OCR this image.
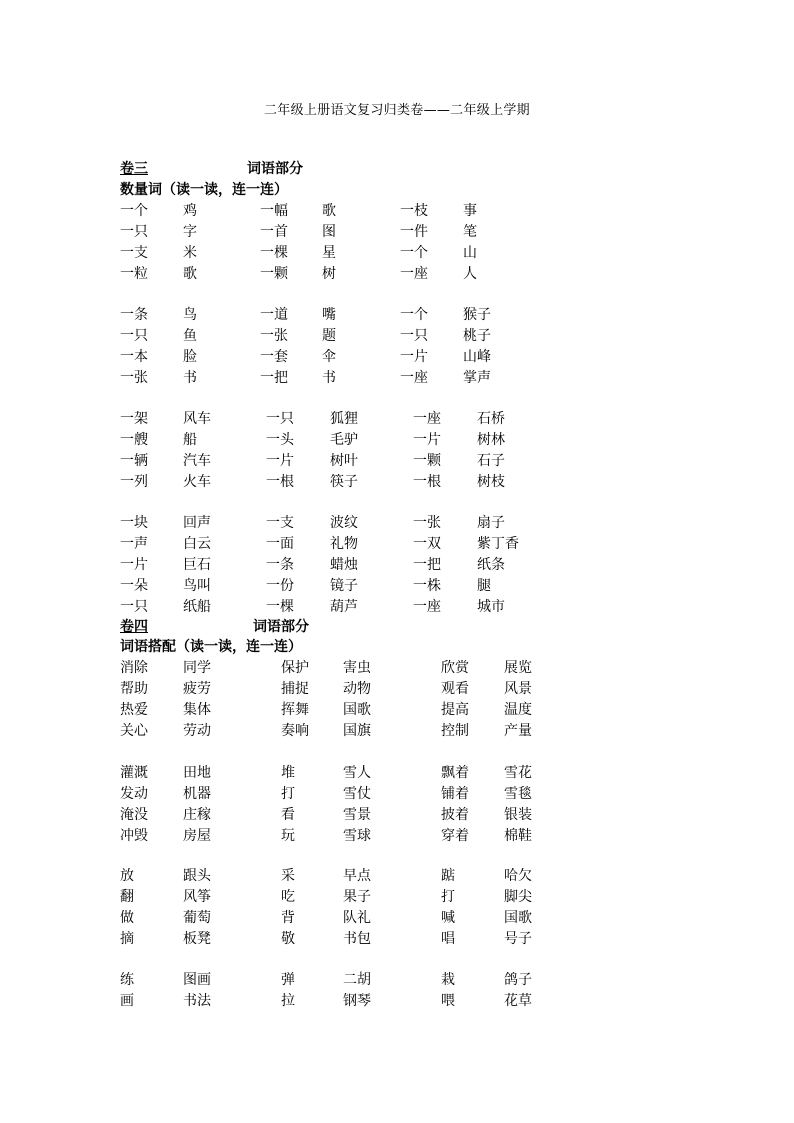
二年级上册语文复习归类卷——二年级上学期
卷三	词语部分
数量词（读一读，连一连）
一个	鸡	一幅 歌	一枝	事
一只	字	一首 图	一件	笔
一支	米	一棵 星	一个	山
一粒	歌	一颗 树	一座	人
一条	鸟	一道 嘴	一个	猴子
一只	鱼	一张 题	一只	桃子
一本	脸	一套 伞	一片	山峰
一张	书	一把 书	一座	掌声
一架	风车	一只	狐狸	一座	石桥
一艘	船	一头	毛驴	一片	树林
一辆	汽车	一片	树叶	一颗	石子
一列	火车	一根	筷子	一根	树枝
一块	回声	一支	波纹	一张	扇子
一声	白云	一面	礼物	一双	紫丁香
一片	巨石	一条	蜡烛	一把	纸条
一朵	鸟叫	一份	镜子	一株	腿
一只	纸船	一棵	葫芦	一座	城市
卷四	词语部分
词语搭配（读一读，连一连）
消除	同学	保护 害虫	欣赏	展览
帮助	疲劳	捕捉 动物	观看	风景
热爱	集体	挥舞 国歌	提高	温度
关心	劳动	奏响 国旗	控制	产量
灌溉	田地	堆	雪人	飘着	雪花
发动	机器	打	雪仗	铺着	雪毯
淹没	庄稼	看	雪景	披着	银装
冲毁	房屋	玩	雪球	穿着	棉鞋
放	跟头	采	早点	踮	哈欠
翻	风筝	吃	果子	打	脚尖
做	葡萄	背	队礼	喊	国歌
摘	板凳	敬	书包	唱	号子
练	图画	弹	二胡	栽	鸽子
画	书法	拉	钢琴	喂	花草
